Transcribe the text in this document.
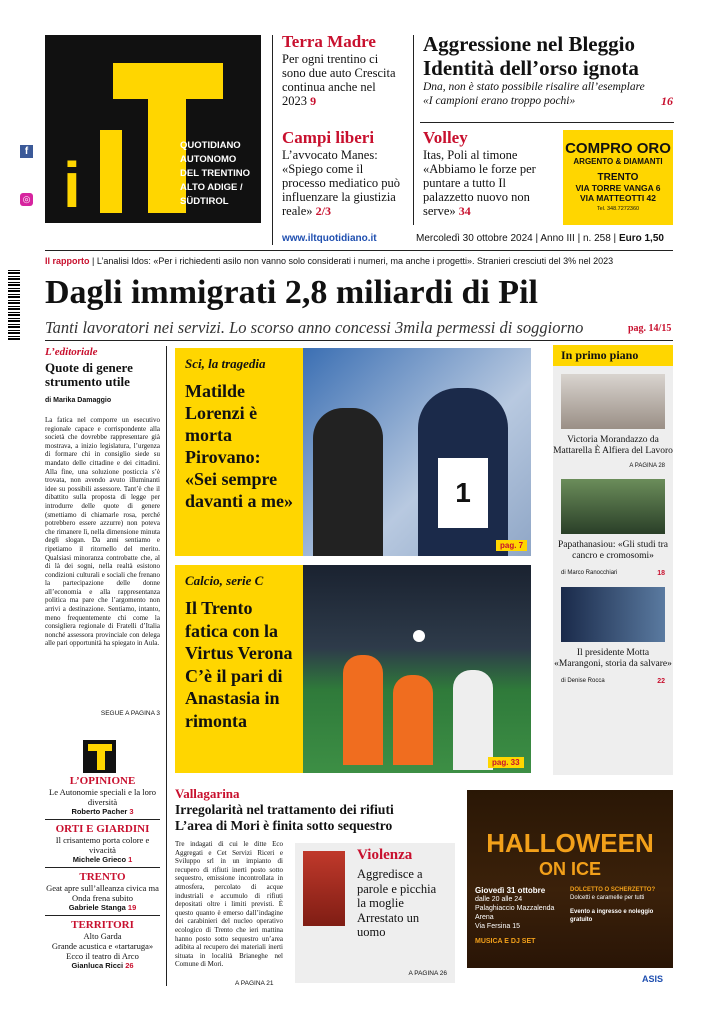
f
◎ i
QUOTIDIANO
AUTONOMO
DEL TRENTINO
ALTO ADIGE /
SÜDTIROL
Terra Madre
Per ogni trentino ci sono due auto Crescita continua anche nel 2023 9
Campi liberi
L’avvocato Manes: «Spiego come il processo mediatico può influenzare la giustizia reale» 2/3
Aggressione nel Bleggio
Identità dell’orso ignota
Dna, non è stato possibile risalire all’esemplare
«I campioni erano troppo pochi»	16
Volley
Itas, Poli al timone «Abbiamo le forze per puntare a tutto Il palazzetto nuovo non serve» 34
COMPRO ORO
ARGENTO & DIAMANTI
TRENTO
VIA TORRE VANGA 6
VIA MATTEOTTI 42
Tel. 348.7272360
www.iltquotidiano.it	Mercoledì 30 ottobre 2024 | Anno III | n. 258 | Euro 1,50
Il rapporto | L’analisi Idos: «Per i richiedenti asilo non vanno solo considerati i numeri, ma anche i progetti». Stranieri cresciuti del 3% nel 2023
Dagli immigrati 2,8 miliardi di Pil
Tanti lavoratori nei servizi. Lo scorso anno concessi 3mila permessi di soggiorno	pag. 14/15
L’editoriale
Quote di genere strumento utile
di Marika Damaggio
La fatica nel comporre un esecutivo regionale capace e corrispondente alla società che dovrebbe rappresentare già mostrava, a inizio legislatura, l’urgenza di formare chi in consiglio siede su mandato delle cittadine e dei cittadini. Alla fine, una soluzione posticcia s’è trovata, non avendo avuto illuminanti idee su possibili assessore. Tant’è che il dibattito sulla proposta di legge per introdurre delle quote di genere (smettiamo di chiamarle rosa, perché potrebbero essere azzurre) non poteva che rimanere lì, nella dimensione minuta degli slogan. Da anni sentiamo e ripetiamo il ritornello del merito. Qualsiasi minoranza controbatte che, al di là dei sogni, nella realtà esistono condizioni culturali e sociali che frenano la partecipazione delle donne all’economia e alla rappresentanza politica ma pare che l’argomento non arrivi a destinazione. Sentiamo, intanto, meno frequentemente chi come la consigliera regionale di Fratelli d’Italia nonché assessora provinciale con delega alle pari opportunità ha spiegato in Aula.
SEGUE A PAGINA 3
Sci, la tragedia
Matilde Lorenzi è morta Pirovano: «Sei sempre davanti a me»	1
pag. 7
Calcio, serie C
Il Trento fatica con la Virtus Verona C’è il pari di Anastasia in rimonta
pag. 33
In primo piano
Victoria Morandazzo da Mattarella È Alfiera del Lavoro
A PAGINA 28
Papathanasiou: «Gli studi tra cancro e cromosomi»
di Marco Ranocchiari	18
Il presidente Motta «Marangoni, storia da salvare»
di Denise Rocca	22
L’OPINIONE
Le Autonomie speciali e la loro diversità
Roberto Pacher 3
ORTI E GIARDINI
Il crisantemo porta colore e vivacità
Michele Grieco 1
TRENTO
Geat apre sull’alleanza civica ma Onda frena subito
Gabriele Stanga 19
TERRITORI
Alto Garda
Grande acustica e «tartaruga» Ecco il teatro di Arco
Gianluca Ricci 26
Vallagarina
Irregolarità nel trattamento dei rifiuti
L’area di Mori è finita sotto sequestro
Tre indagati di cui le ditte Eco Aggregati e Cet Servizi Riceri e Sviluppo srl in un impianto di recupero di rifiuti inerti posto sotto sequestro, emissione incontrollata in atmosfera, percolato di acque industriali e accumulo di rifiuti depositati oltre i limiti previsti. È questo quanto è emerso dall’indagine dei carabinieri del nucleo operativo ecologico di Trento che ieri mattina hanno posto sotto sequestro un’area adibita al recupero dei materiali inerti situata in località Brianeghe nel Comune di Mori.
A PAGINA 21
Violenza
Aggredisce a parole e picchia la moglie Arrestato un uomo
A PAGINA 26
HALLOWEEN
ON ICE
Giovedì 31 ottobre
dalle 20 alle 24
Palaghiaccio Mazzalenda Arena
Via Fersina 15
MUSICA E DJ SET
DOLCETTO O SCHERZETTO?
Dolcetti e caramelle per tutti
Evento a ingresso e noleggio gratuito
ASIS
